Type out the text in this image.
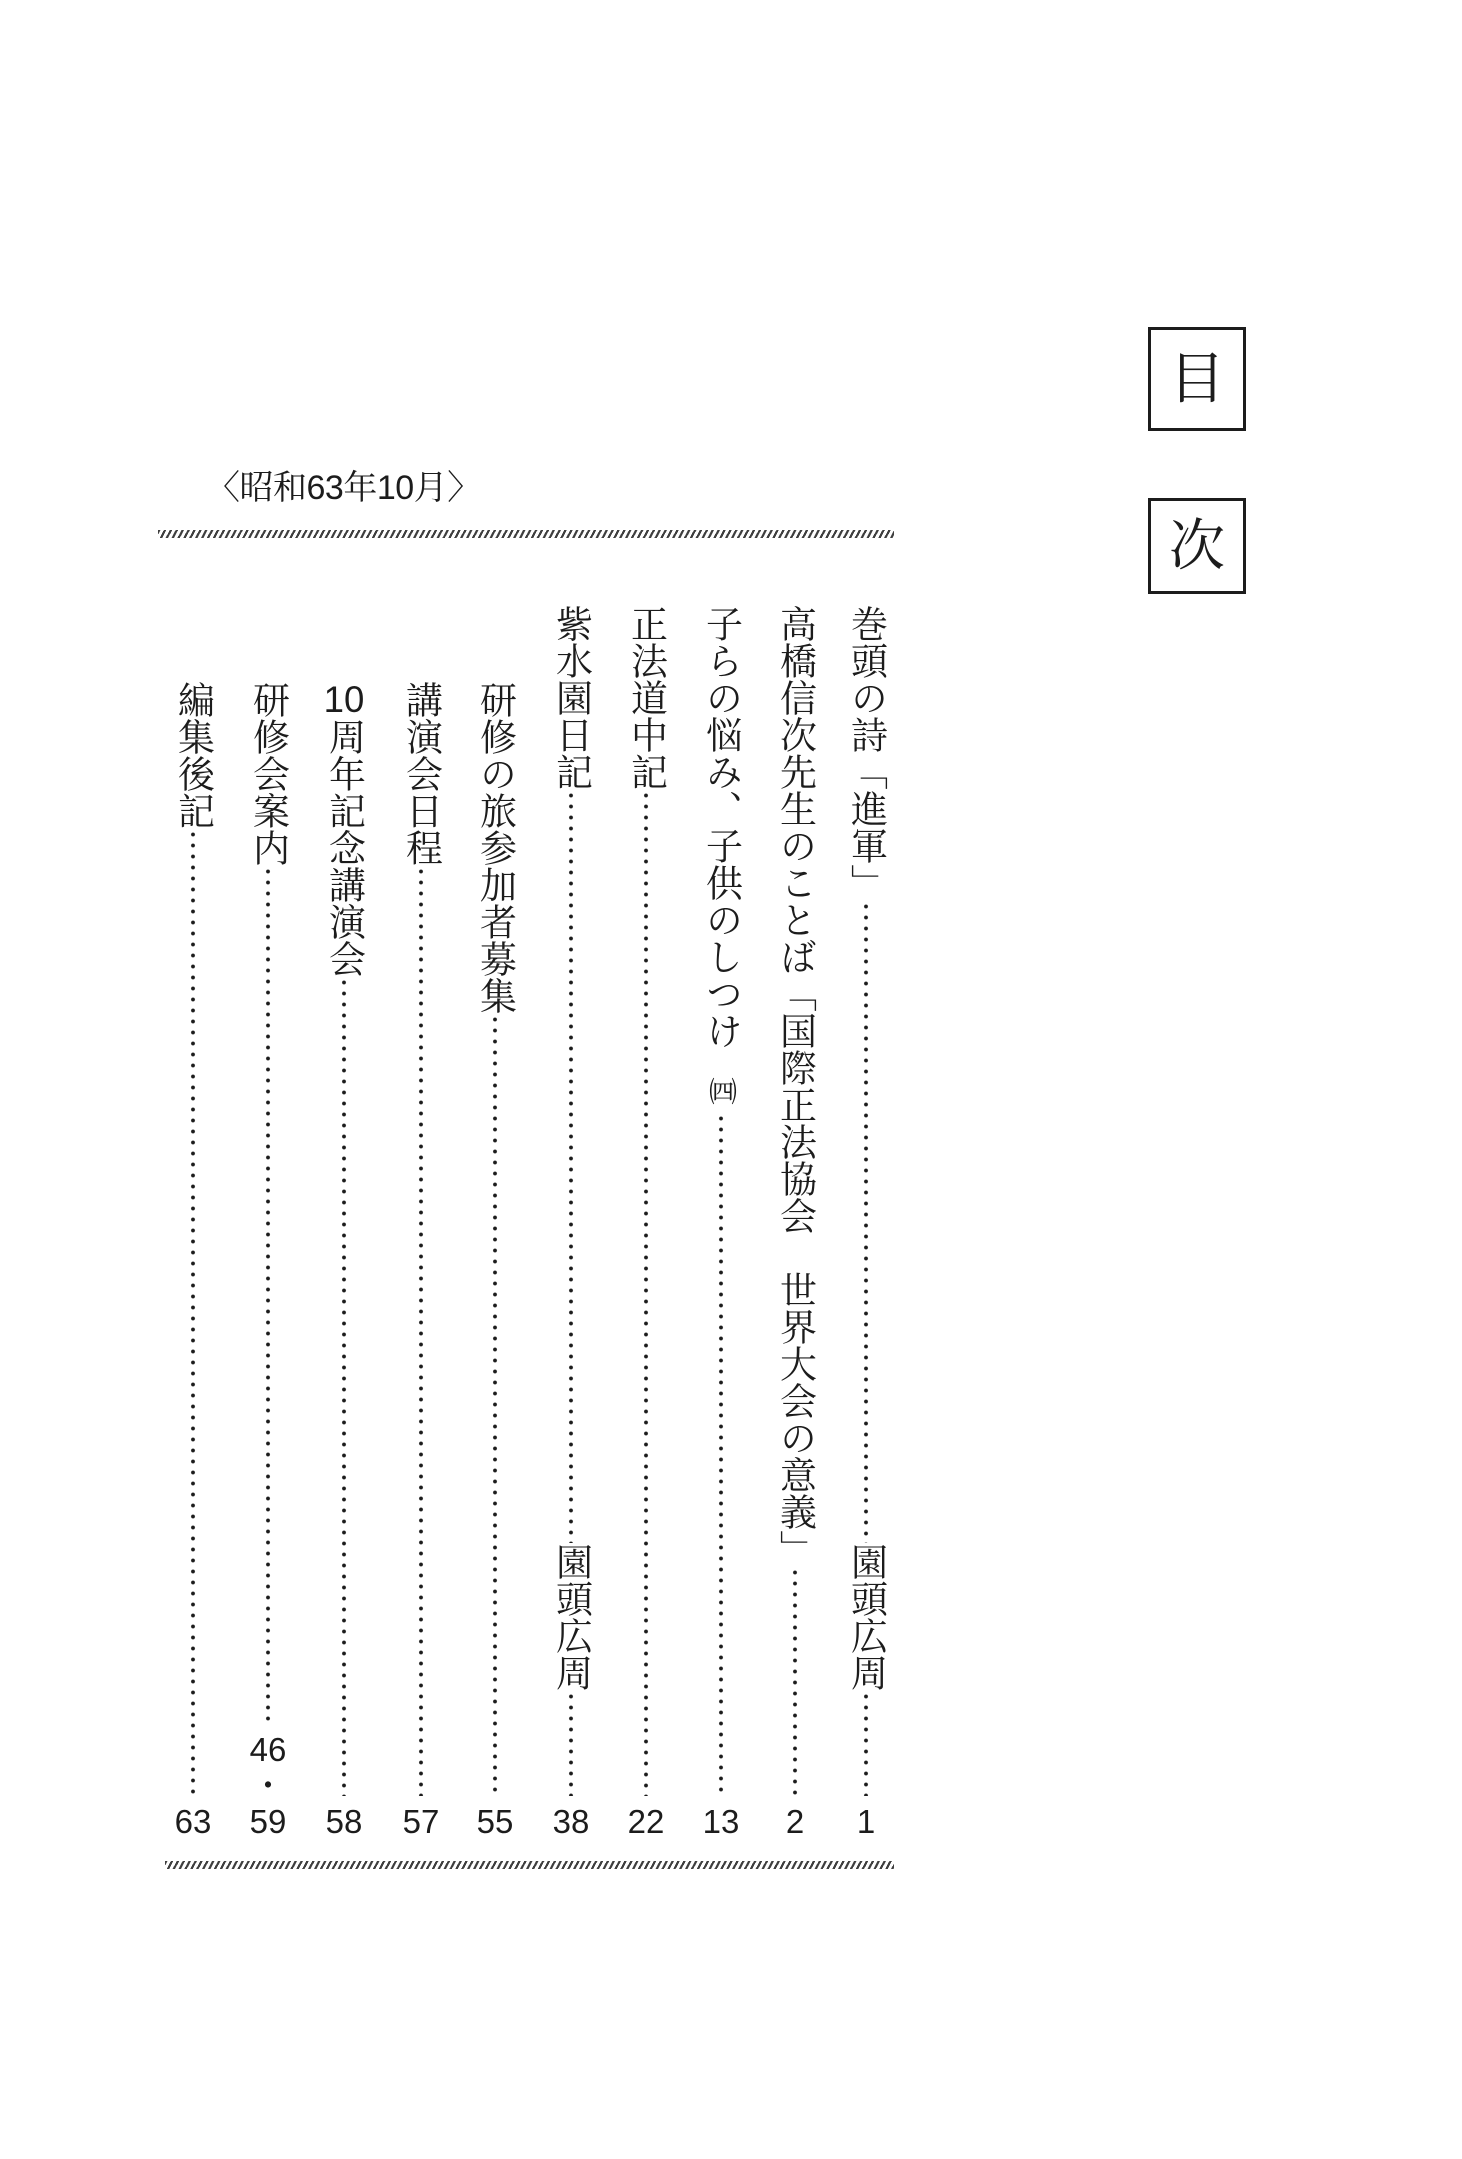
目
次
〈昭和63年10月〉
巻頭の詩「進軍」
園頭広周
1
高橋信次先生のことば「国際正法協会　世界大会の意義」
2
子らの悩み、子供のしつけ
㈣
13
正法道中記
22
紫水園日記
園頭広周
38
研修の旅参加者募集
55
講演会日程
57
10周年記念講演会
58
研修会案内
46
・
59
編集後記
63
